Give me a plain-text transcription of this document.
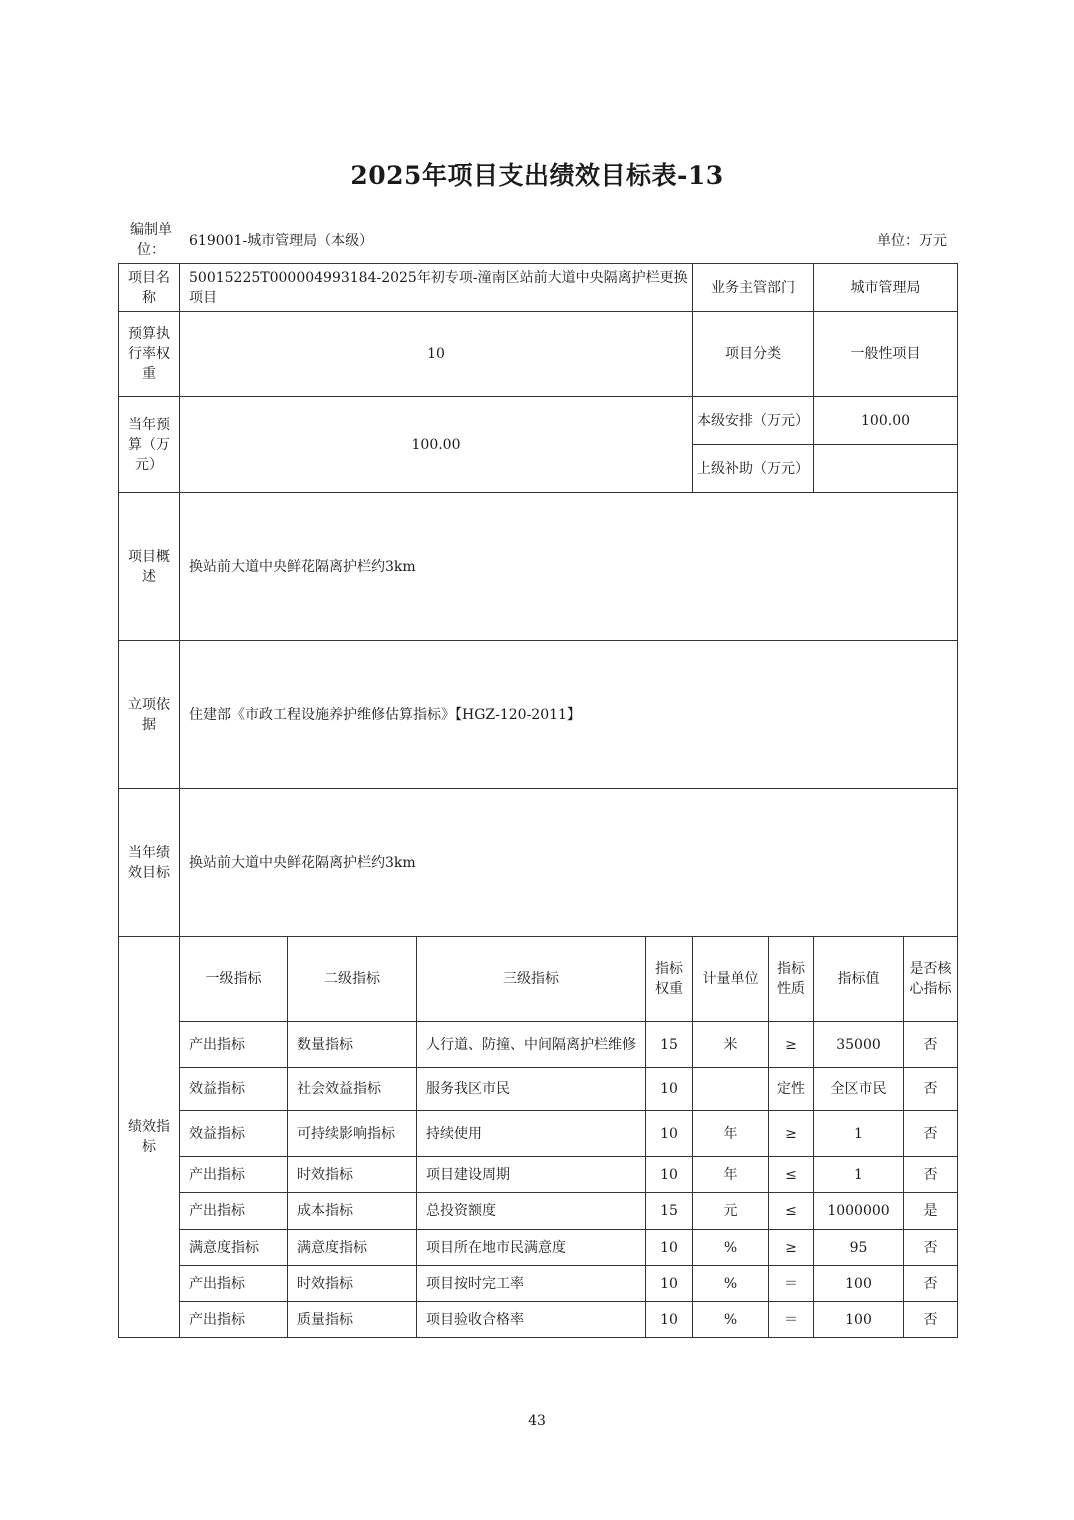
2025年项目支出绩效目标表-13
编制单位：
619001-城市管理局（本级）	单位：万元
项目名称	50015225T000004993184-2025年初专项-潼南区站前大道中央隔离护栏更换项目				业务主管部门		城市管理局	
预算执行率权重	10				项目分类		一般性项目	
当年预算（万元）	100.00				本级安排（万元）		100.00	
					上级补助（万元）			
项目概述	换站前大道中央鲜花隔离护栏约3km							
立项依据	住建部《市政工程设施养护维修估算指标》【HGZ-120-2011】							
当年绩效目标	换站前大道中央鲜花隔离护栏约3km							
绩效指标	一级指标	二级指标	三级指标	指标权重	计量单位	指标性质	指标值	是否核心指标
	产出指标	数量指标	人行道、防撞、中间隔离护栏维修	15	米	≥	35000	否
	效益指标	社会效益指标	服务我区市民	10		定性	全区市民	否
	效益指标	可持续影响指标	持续使用	10	年	≥	1	否
	产出指标	时效指标	项目建设周期	10	年	≤	1	否
	产出指标	成本指标	总投资额度	15	元	≤	1000000	是
	满意度指标	满意度指标	项目所在地市民满意度	10	%	≥	95	否
	产出指标	时效指标	项目按时完工率	10	%	＝	100	否
	产出指标	质量指标	项目验收合格率	10	%	＝	100	否
43
